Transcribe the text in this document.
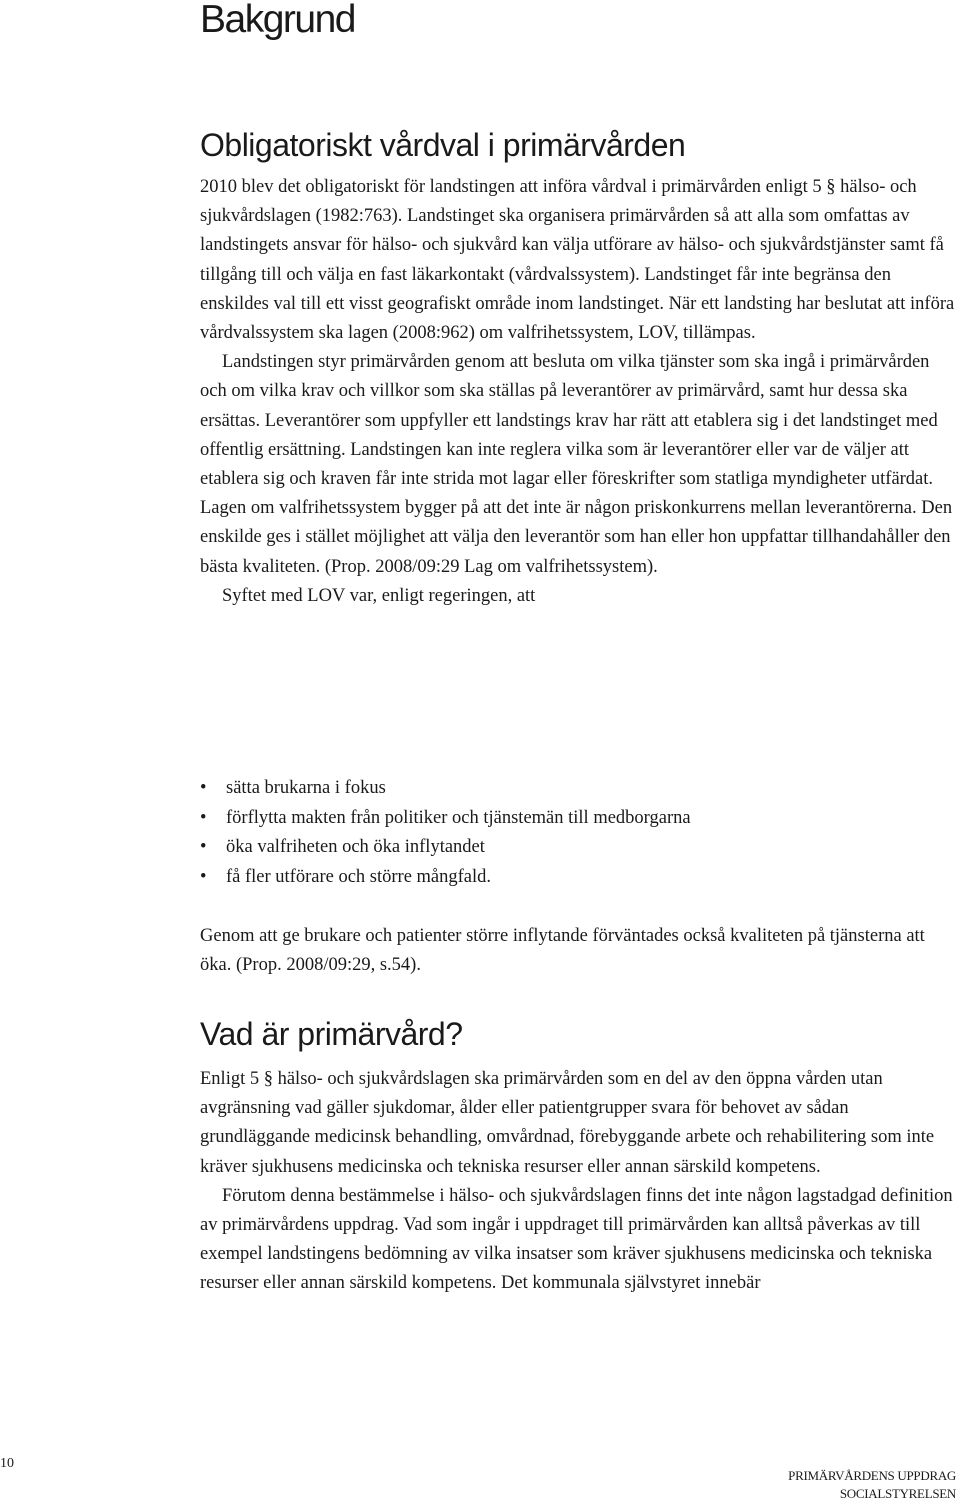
Bakgrund
Obligatoriskt vårdval i primärvården

2010 blev det obligatoriskt för landstingen att införa vårdval i primärvården enligt 5 § hälso- och sjukvårdslagen (1982:763). Landstinget ska organisera primärvården så att alla som omfattas av landstingets ansvar för hälso- och sjukvård kan välja utförare av hälso- och sjukvårdstjänster samt få tillgång till och välja en fast läkarkontakt (vårdvalssystem). Landstinget får inte begränsa den enskildes val till ett visst geografiskt område inom landstinget. När ett landsting har beslutat att införa vårdvalssystem ska lagen (2008:962) om valfrihetssystem, LOV, tillämpas.

Landstingen styr primärvården genom att besluta om vilka tjänster som ska ingå i primärvården och om vilka krav och villkor som ska ställas på leverantörer av primärvård, samt hur dessa ska ersättas. Leverantörer som uppfyller ett landstings krav har rätt att etablera sig i det landstinget med offentlig ersättning. Landstingen kan inte reglera vilka som är leverantörer eller var de väljer att etablera sig och kraven får inte strida mot lagar eller föreskrifter som statliga myndigheter utfärdat. Lagen om valfrihetssystem bygger på att det inte är någon priskonkurrens mellan leverantörerna. Den enskilde ges i stället möjlighet att välja den leverantör som han eller hon uppfattar tillhandahåller den bästa kvaliteten. (Prop. 2008/09:29 Lag om valfrihetssystem).

Syftet med LOV var, enligt regeringen, att

• sätta brukarna i fokus
• förflytta makten från politiker och tjänstemän till medborgarna
• öka valfriheten och öka inflytandet
• få fler utförare och större mångfald.

Genom att ge brukare och patienter större inflytande förväntades också kvaliteten på tjänsterna att öka. (Prop. 2008/09:29, s.54).

Vad är primärvård?

Enligt 5 § hälso- och sjukvårdslagen ska primärvården som en del av den öppna vården utan avgränsning vad gäller sjukdomar, ålder eller patientgrupper svara för behovet av sådan grundläggande medicinsk behandling, omvårdnad, förebyggande arbete och rehabilitering som inte kräver sjukhusens medicinska och tekniska resurser eller annan särskild kompetens.

Förutom denna bestämmelse i hälso- och sjukvårdslagen finns det inte någon lagstadgad definition av primärvårdens uppdrag. Vad som ingår i uppdraget till primärvården kan alltså påverkas av till exempel landstingens bedömning av vilka insatser som kräver sjukhusens medicinska och tekniska resurser eller annan särskild kompetens. Det kommunala självstyret innebär

10
PRIMÄRVÅRDENS UPPDRAG
SOCIALSTYRELSEN
